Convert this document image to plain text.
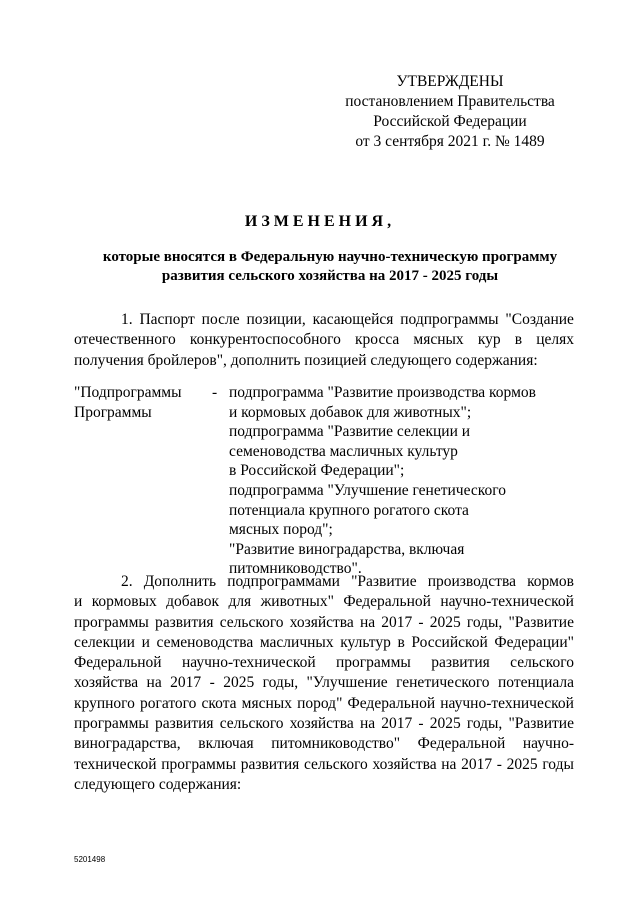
УТВЕРЖДЕНЫ
постановлением Правительства
Российской Федерации
от 3 сентября 2021 г. № 1489
ИЗМЕНЕНИЯ,
которые вносятся в Федеральную научно-техническую программу
развития сельского хозяйства на 2017 - 2025 годы
1. Паспорт после позиции, касающейся подпрограммы "Создание
отечественного конкурентоспособного кросса мясных кур в целях
получения бройлеров", дополнить позицией следующего содержания:
"Подпрограммы
Программы
- подпрограмма "Развитие производства кормов
и кормовых добавок для животных";
подпрограмма "Развитие селекции и
семеноводства масличных культур
в Российской Федерации";
подпрограмма "Улучшение генетического
потенциала крупного рогатого скота
мясных пород";
"Развитие виноградарства, включая
питомниководство".
2. Дополнить подпрограммами "Развитие производства кормов
и кормовых добавок для животных" Федеральной научно-технической
программы развития сельского хозяйства на 2017 - 2025 годы, "Развитие
селекции и семеноводства масличных культур в Российской Федерации"
Федеральной научно-технической программы развития сельского
хозяйства на 2017 - 2025 годы, "Улучшение генетического потенциала
крупного рогатого скота мясных пород" Федеральной научно-технической
программы развития сельского хозяйства на 2017 - 2025 годы, "Развитие
виноградарства, включая питомниководство" Федеральной научно-
технической программы развития сельского хозяйства на 2017 - 2025 годы
следующего содержания:
5201498
